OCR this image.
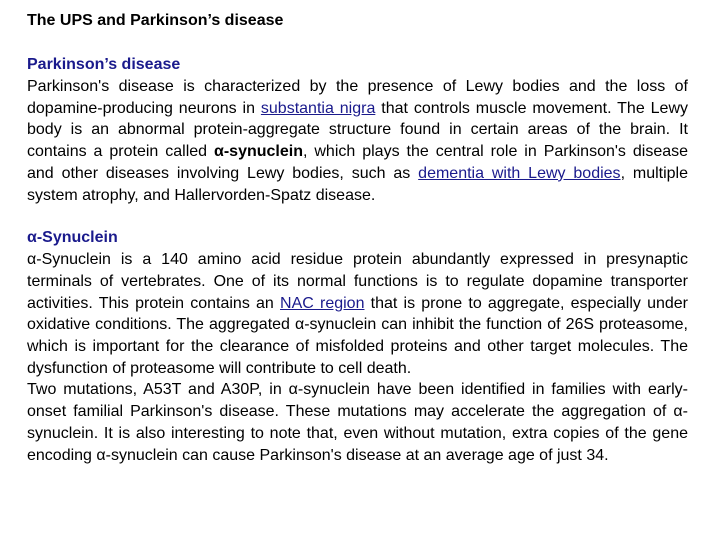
The UPS and Parkinson’s disease
Parkinson’s disease

Parkinson's disease is characterized by the presence of Lewy bodies and the loss of dopamine-producing neurons in substantia nigra that controls muscle movement. The Lewy body is an abnormal protein-aggregate structure found in certain areas of the brain. It contains a protein called α-synuclein, which plays the central role in Parkinson's disease and other diseases involving Lewy bodies, such as dementia with Lewy bodies, multiple system atrophy, and Hallervorden-Spatz disease.

α-Synuclein

α-Synuclein is a 140 amino acid residue protein abundantly expressed in presynaptic terminals of vertebrates. One of its normal functions is to regulate dopamine transporter activities. This protein contains an NAC region that is prone to aggregate, especially under oxidative conditions. The aggregated α-synuclein can inhibit the function of 26S proteasome, which is important for the clearance of misfolded proteins and other target molecules. The dysfunction of proteasome will contribute to cell death.

Two mutations, A53T and A30P, in α-synuclein have been identified in families with early-onset familial Parkinson's disease. These mutations may accelerate the aggregation of α-synuclein. It is also interesting to note that, even without mutation, extra copies of the gene encoding α-synuclein can cause Parkinson's disease at an average age of just 34.
